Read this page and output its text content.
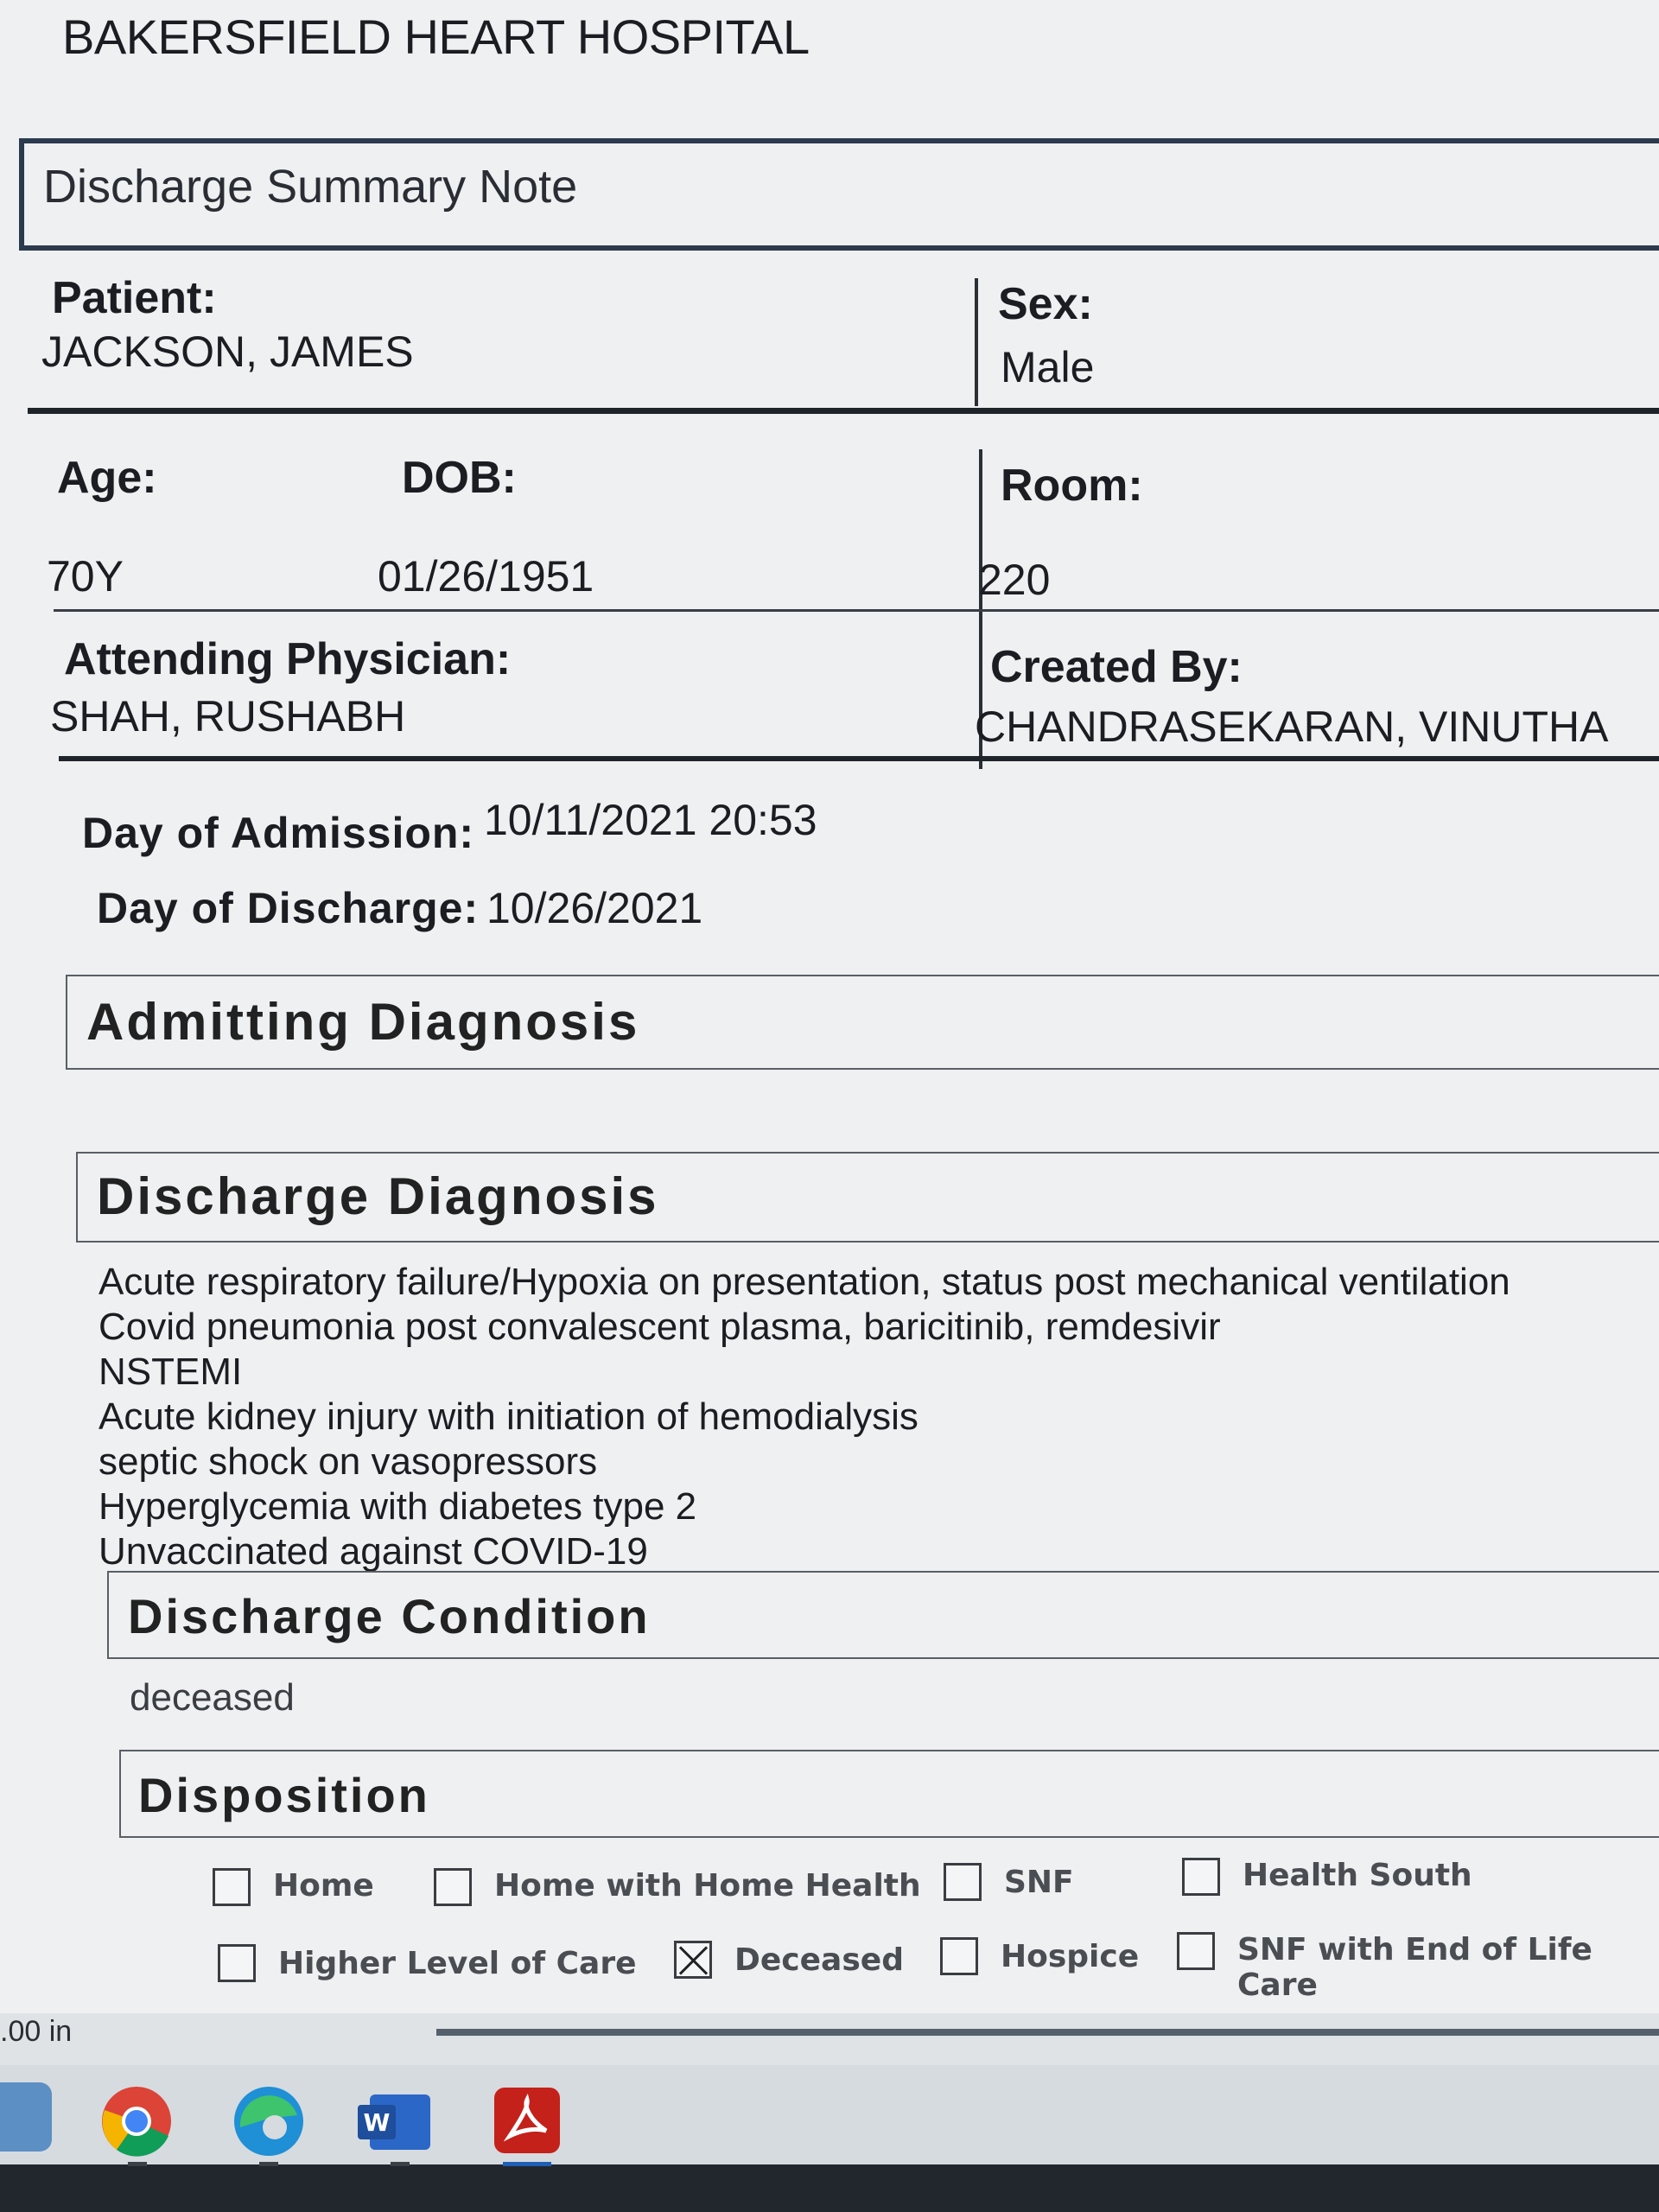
BAKERSFIELD HEART HOSPITAL
Discharge Summary Note
Patient:
JACKSON, JAMES
Sex:
Male
Age:	DOB:	Room:
70Y	01/26/1951	220
Attending Physician:
SHAH, RUSHABH
Created By:
CHANDRASEKARAN, VINUTHA
Day of Admission: 10/11/2021 20:53
Day of Discharge: 10/26/2021
Admitting Diagnosis
Discharge Diagnosis
Acute respiratory failure/Hypoxia on presentation, status post mechanical ventilation
Covid pneumonia post convalescent plasma, baricitinib, remdesivir
NSTEMI
Acute kidney injury with initiation of hemodialysis
septic shock on vasopressors
Hyperglycemia with diabetes type 2
Unvaccinated against COVID-19
Discharge Condition
deceased
Disposition
Home	Home with Home Health	SNF	Health South
Higher Level of Care	Deceased	Hospice	SNF with End of Life Care
.00 in
W
